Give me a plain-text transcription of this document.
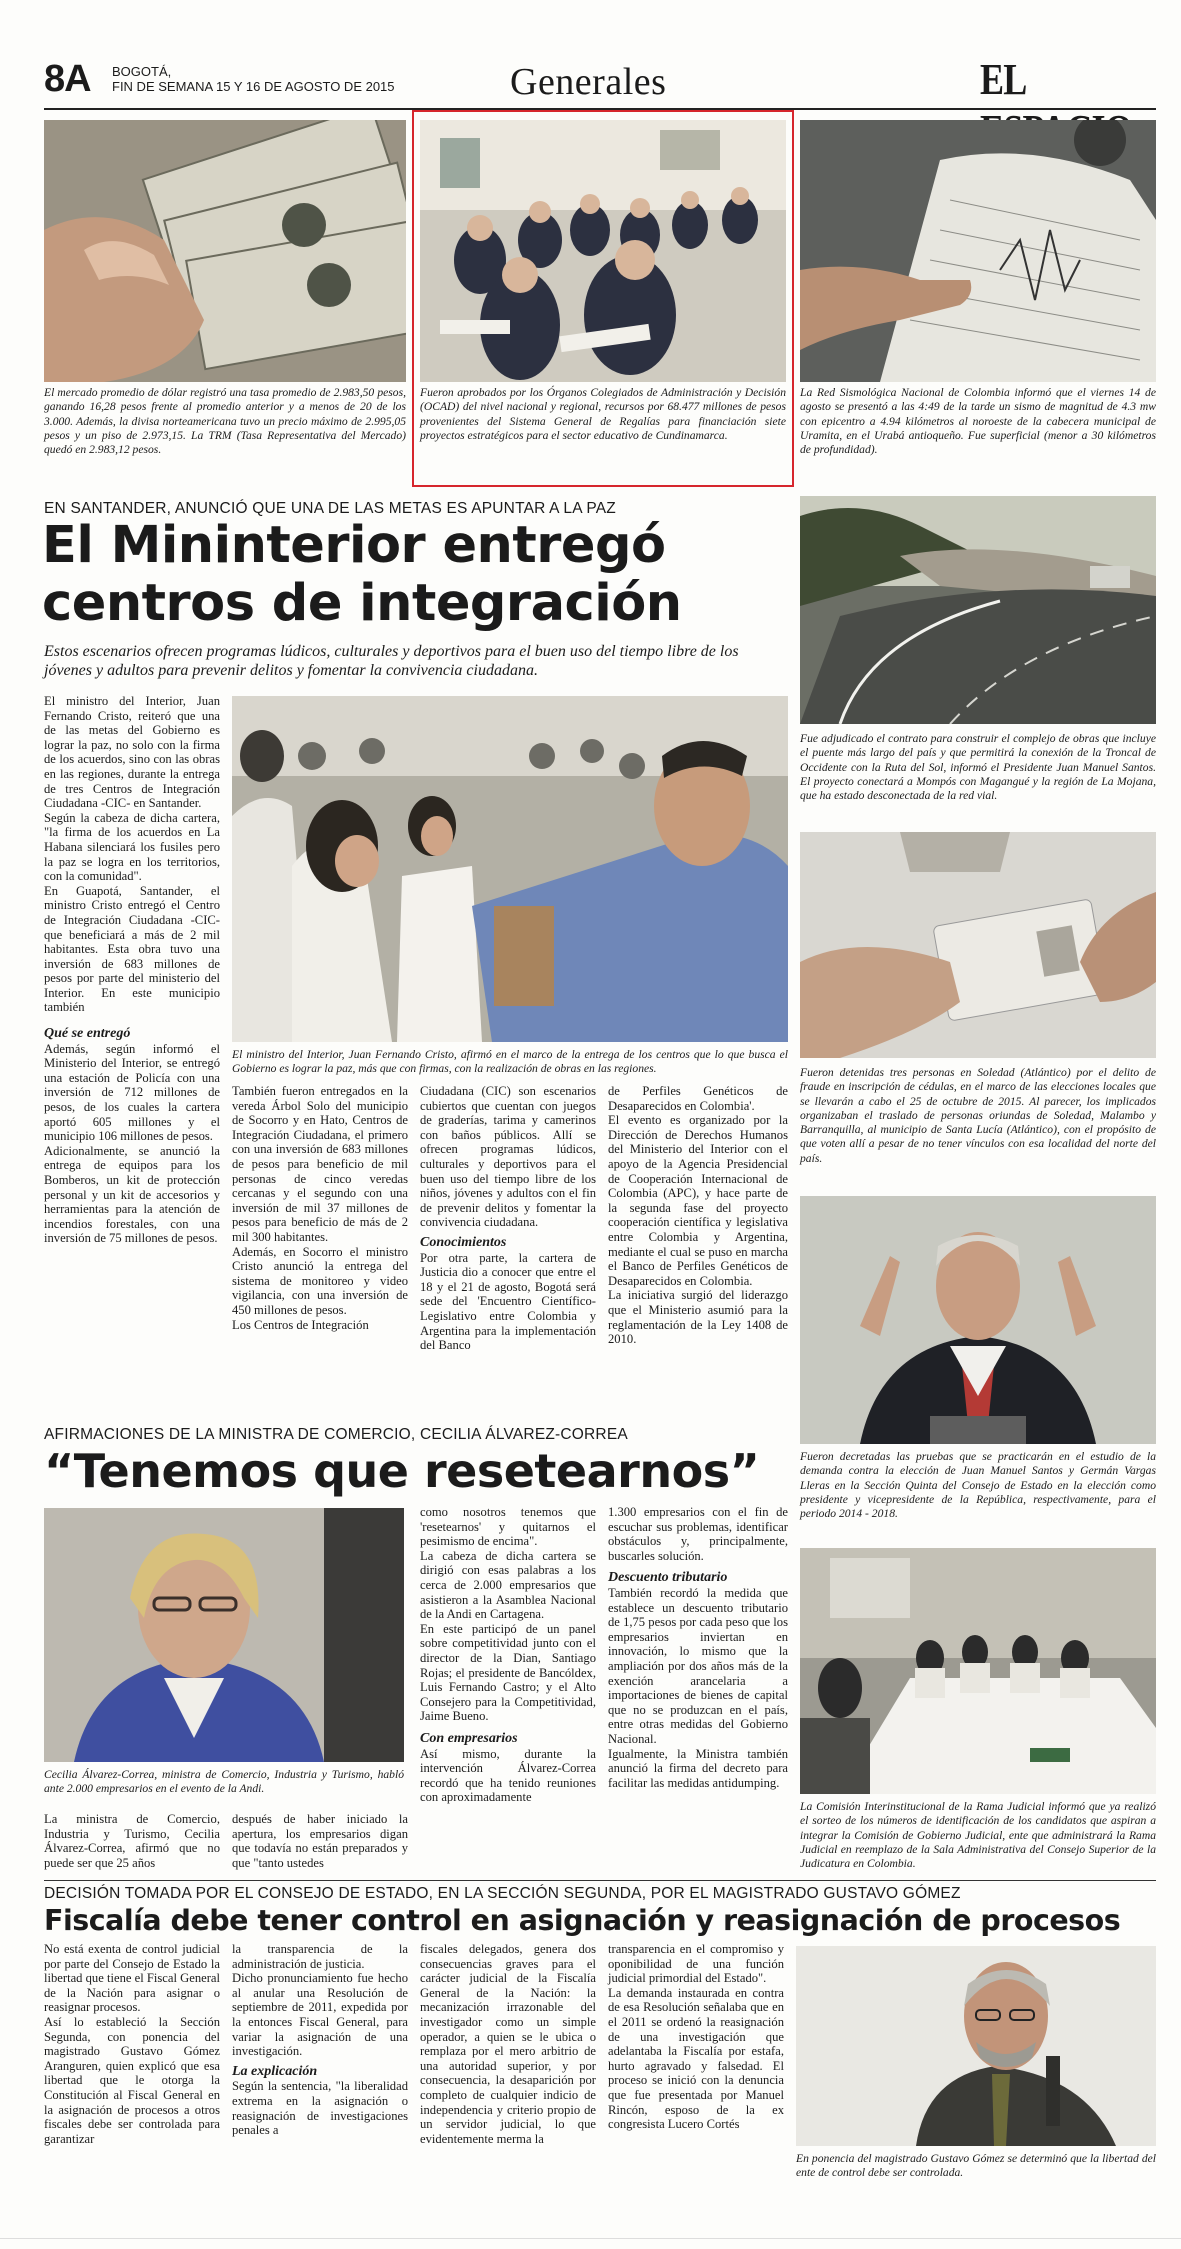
8A BOGOTÁ,
FIN DE SEMANA 15 Y 16 DE AGOSTO DE 2015	Generales	EL
El mercado promedio de dólar registró una tasa promedio de 2.983,50 pesos, ganando 16,28 pesos frente al promedio anterior y a menos de 20 de los 3.000. Además, la divisa norteamericana tuvo un precio máximo de 2.995,05 pesos y un piso de 2.973,15. La TRM (Tasa Representativa del Mercado) quedó en 2.983,12 pesos.
Fueron aprobados por los Órganos Colegiados de Administración y Decisión (OCAD) del nivel nacional y regional, recursos por 68.477 millones de pesos provenientes del Sistema General de Regalías para financiación siete proyectos estratégicos para el sector educativo de Cundinamarca.
La Red Sismológica Nacional de Colombia informó que el viernes 14 de agosto se presentó a las 4:49 de la tarde un sismo de magnitud de 4.3 mw con epicentro a 4.94 kilómetros al noroeste de la cabecera municipal de Uramita, en el Urabá antioqueño. Fue superficial (menor a 30 kilómetros de profundidad).
EN SANTANDER, ANUNCIÓ QUE UNA DE LAS METAS ES APUNTAR A LA PAZ
El Mininterior entregó
centros de integración
Estos escenarios ofrecen programas lúdicos, culturales y deportivos para el buen uso del tiempo libre de los jóvenes y adultos para prevenir delitos y fomentar la convivencia ciudadana.

El ministro del Interior, Juan Fernando Cristo, reiteró que una de las metas del Gobierno es lograr la paz, no solo con la firma de los acuerdos, sino con las obras en las regiones, durante la entrega de tres Centros de Integración Ciudadana -CIC- en Santander.

Según la cabeza de dicha cartera, "la firma de los acuerdos en La Habana silenciará los fusiles pero la paz se logra en los territorios, con la comunidad".

En Guapotá, Santander, el ministro Cristo entregó el Centro de Integración Ciudadana -CIC- que beneficiará a más de 2 mil habitantes. Esta obra tuvo una inversión de 683 millones de pesos por parte del ministerio del Interior. En este municipio también

Qué se entregó

Además, según informó el Ministerio del Interior, se entregó una estación de Policía con una inversión de 712 millones de pesos, de los cuales la cartera aportó 605 millones y el municipio 106 millones de pesos.

Adicionalmente, se anunció la entrega de equipos para los Bomberos, un kit de protección personal y un kit de accesorios y herramientas para la atención de incendios forestales, con una inversión de 75 millones de pesos.

El ministro del Interior, Juan Fernando Cristo, afirmó en el marco de la entrega de los centros que lo que busca el Gobierno es lograr la paz, más que con firmas, con la realización de obras en las regiones.

También fueron entregados en la vereda Árbol Solo del municipio de Socorro y en Hato, Centros de Integración Ciudadana, el primero con una inversión de 683 millones de pesos para beneficio de mil personas de cinco veredas cercanas y el segundo con una inversión de mil 37 millones de pesos para beneficio de más de 2 mil 300 habitantes.

Además, en Socorro el ministro Cristo anunció la entrega del sistema de monitoreo y video vigilancia, con una inversión de 450 millones de pesos.

Los Centros de Integración

Ciudadana (CIC) son escenarios cubiertos que cuentan con juegos de graderías, tarima y camerinos con baños públicos. Allí se ofrecen programas lúdicos, culturales y deportivos para el buen uso del tiempo libre de los niños, jóvenes y adultos con el fin de prevenir delitos y fomentar la convivencia ciudadana.

Conocimientos

Por otra parte, la cartera de Justicia dio a conocer que entre el 18 y el 21 de agosto, Bogotá será sede del 'Encuentro Científico-Legislativo entre Colombia y Argentina para la implementación del Banco

de Perfiles Genéticos de Desaparecidos en Colombia'.

El evento es organizado por la Dirección de Derechos Humanos del Ministerio del Interior con el apoyo de la Agencia Presidencial de Cooperación Internacional de Colombia (APC), y hace parte de la segunda fase del proyecto cooperación científica y legislativa entre Colombia y Argentina, mediante el cual se puso en marcha el Banco de Perfiles Genéticos de Desaparecidos en Colombia.

La iniciativa surgió del liderazgo que el Ministerio asumió para la reglamentación de la Ley 1408 de 2010.

Fue adjudicado el contrato para construir el complejo de obras que incluye el puente más largo del país y que permitirá la conexión de la Troncal de Occidente con la Ruta del Sol, informó el Presidente Juan Manuel Santos. El proyecto conectará a Mompós con Magangué y la región de La Mojana, que ha estado desconectada de la red vial.
Fueron detenidas tres personas en Soledad (Atlántico) por el delito de fraude en inscripción de cédulas, en el marco de las elecciones locales que se llevarán a cabo el 25 de octubre de 2015. Al parecer, los implicados organizaban el traslado de personas oriundas de Soledad, Malambo y Barranquilla, al municipio de Santa Lucía (Atlántico), con el propósito de que voten allí a pesar de no tener vínculos con esa localidad del norte del país.
Fueron decretadas las pruebas que se practicarán en el estudio de la demanda contra la elección de Juan Manuel Santos y Germán Vargas Lleras en la Sección Quinta del Consejo de Estado en la elección como presidente y vicepresidente de la República, respectivamente, para el periodo 2014 - 2018.
La Comisión Interinstitucional de la Rama Judicial informó que ya realizó el sorteo de los números de identificación de los candidatos que aspiran a integrar la Comisión de Gobierno Judicial, ente que administrará la Rama Judicial en reemplazo de la Sala Administrativa del Consejo Superior de la Judicatura en Colombia.
AFIRMACIONES DE LA MINISTRA DE COMERCIO, CECILIA ÁLVAREZ-CORREA
“Tenemos que resetearnos”
Cecilia Álvarez-Correa, ministra de Comercio, Industria y Turismo, habló ante 2.000 empresarios en el evento de la Andi.
La ministra de Comercio, Industria y Turismo, Cecilia Álvarez-Correa, afirmó que no puede ser que 25 años
después de haber iniciado la apertura, los empresarios digan que todavía no están preparados y que "tanto ustedes

como nosotros tenemos que 'resetearnos' y quitarnos el pesimismo de encima".

La cabeza de dicha cartera se dirigió con esas palabras a los cerca de 2.000 empresarios que asistieron a la Asamblea Nacional de la Andi en Cartagena.

En este participó de un panel sobre competitividad junto con el director de la Dian, Santiago Rojas; el presidente de Bancóldex, Luis Fernando Castro; y el Alto Consejero para la Competitividad, Jaime Bueno.

Con empresarios

Así mismo, durante la intervención Álvarez-Correa recordó que ha tenido reuniones con aproximadamente

1.300 empresarios con el fin de escuchar sus problemas, identificar obstáculos y, principalmente, buscarles solución.

Descuento tributario

También recordó la medida que establece un descuento tributario de 1,75 pesos por cada peso que los empresarios inviertan en innovación, lo mismo que la ampliación por dos años más de la exención arancelaria a importaciones de bienes de capital que no se produzcan en el país, entre otras medidas del Gobierno Nacional.

Igualmente, la Ministra también anunció la firma del decreto para facilitar las medidas antidumping.

DECISIÓN TOMADA POR EL CONSEJO DE ESTADO, EN LA SECCIÓN SEGUNDA, POR EL MAGISTRADO GUSTAVO GÓMEZ
Fiscalía debe tener control en asignación y reasignación de procesos

No está exenta de control judicial por parte del Consejo de Estado la libertad que tiene el Fiscal General de la Nación para asignar o reasignar procesos.

Así lo estableció la Sección Segunda, con ponencia del magistrado Gustavo Gómez Aranguren, quien explicó que esa libertad que le otorga la Constitución al Fiscal General en la asignación de procesos a otros fiscales debe ser controlada para garantizar

la transparencia de la administración de justicia.

Dicho pronunciamiento fue hecho al anular una Resolución de septiembre de 2011, expedida por la entonces Fiscal General, para variar la asignación de una investigación.

La explicación

Según la sentencia, "la liberalidad extrema en la asignación o reasignación de investigaciones penales a

fiscales delegados, genera dos consecuencias graves para el carácter judicial de la Fiscalía General de la Nación: la mecanización irrazonable del investigador como un simple operador, a quien se le ubica o remplaza por el mero arbitrio de una autoridad superior, y por consecuencia, la desaparición por completo de cualquier indicio de independencia y criterio propio de un servidor judicial, lo que evidentemente merma la

transparencia en el compromiso y oponibilidad de una función judicial primordial del Estado".

La demanda instaurada en contra de esa Resolución señalaba que en el 2011 se ordenó la reasignación de una investigación que adelantaba la Fiscalía por estafa, hurto agravado y falsedad. El proceso se inició con la denuncia que fue presentada por Manuel Rincón, esposo de la ex congresista Lucero Cortés

En ponencia del magistrado Gustavo Gómez se determinó que la libertad del ente de control debe ser controlada.
